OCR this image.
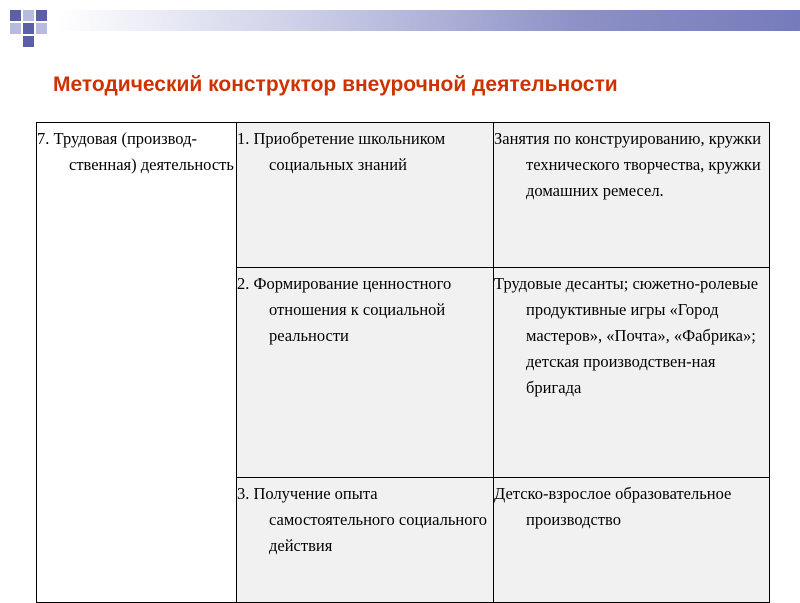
Методический конструктор внеурочной деятельности
7. Трудовая (производ-ственная) деятельность	1. Приобретение школьником социальных знаний	Занятия по конструированию, кружки технического творчества, кружки домашних ремесел.

	2. Формирование ценностного отношения к социальной реальности	Трудовые десанты; сюжетно-ролевые продуктивные игры «Город мастеров», «Почта», «Фабрика»; детская производствен-ная бригада

	3. Получение опыта самостоятельного социального действия	Детско-взрослое образовательное производство
